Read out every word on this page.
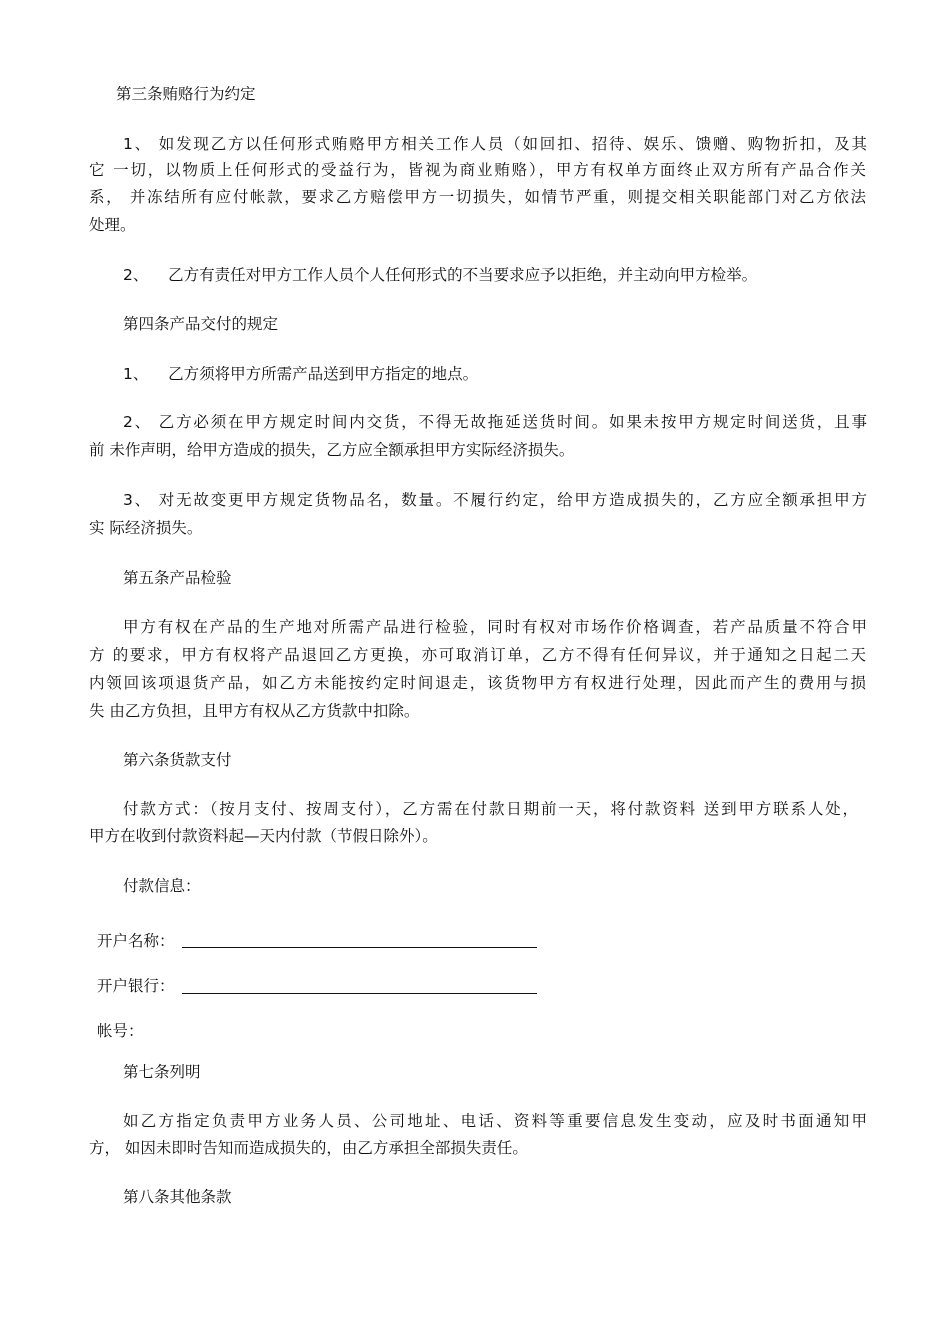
第三条贿赂行为约定
1、 如发现乙方以任何形式贿赂甲方相关工作人员（如回扣、招待、娱乐、馈赠、购物折扣，及其
它 一切，以物质上任何形式的受益行为，皆视为商业贿赂），甲方有权单方面终止双方所有产品合作关
系， 并冻结所有应付帐款，要求乙方赔偿甲方一切损失，如情节严重，则提交相关职能部门对乙方依法
处理。
2、    乙方有责任对甲方工作人员个人任何形式的不当要求应予以拒绝，并主动向甲方检举。
第四条产品交付的规定
1、    乙方须将甲方所需产品送到甲方指定的地点。
2、 乙方必须在甲方规定时间内交货，不得无故拖延送货时间。如果未按甲方规定时间送货，且事
前 未作声明，给甲方造成的损失，乙方应全额承担甲方实际经济损失。
3、 对无故变更甲方规定货物品名，数量。不履行约定，给甲方造成损失的，乙方应全额承担甲方
实 际经济损失。
第五条产品检验
甲方有权在产品的生产地对所需产品进行检验，同时有权对市场作价格调查，若产品质量不符合甲
方 的要求，甲方有权将产品退回乙方更换，亦可取消订单，乙方不得有任何异议，并于通知之日起二天
内领回该项退货产品，如乙方未能按约定时间退走，该货物甲方有权进行处理，因此而产生的费用与损
失 由乙方负担，且甲方有权从乙方货款中扣除。
第六条货款支付
付款方式：（按月支付、按周支付），乙方需在付款日期前一天，将付款资料 送到甲方联系人处，
甲方在收到付款资料起—天内付款（节假日除外）。
付款信息：
开户名称：
开户银行：
帐号：
第七条列明
如乙方指定负责甲方业务人员、公司地址、电话、资料等重要信息发生变动，应及时书面通知甲
方， 如因未即时告知而造成损失的，由乙方承担全部损失责任。
第八条其他条款
